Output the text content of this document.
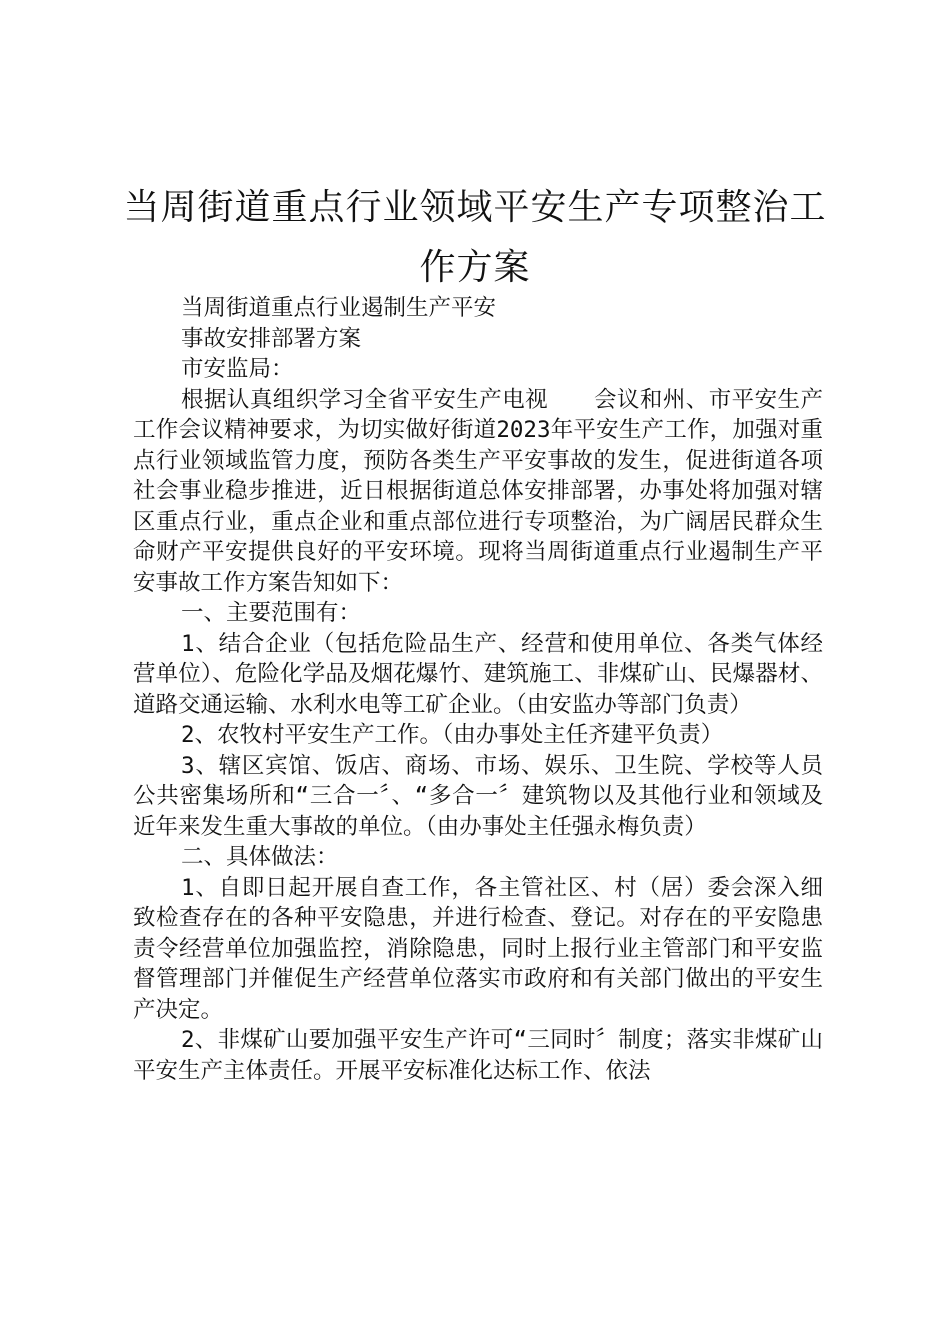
当周街道重点行业领域平安生产专项整治工作方案

当周街道重点行业遏制生产平安

事故安排部署方案

市安监局：

根据认真组织学习全省平安生产电视　　会议和州、市平安生产工作会议精神要求，为切实做好街道2023年平安生产工作，加强对重点行业领域监管力度，预防各类生产平安事故的发生，促进街道各项社会事业稳步推进，近日根据街道总体安排部署，办事处将加强对辖区重点行业，重点企业和重点部位进行专项整治，为广阔居民群众生命财产平安提供良好的平安环境。现将当周街道重点行业遏制生产平安事故工作方案告知如下：

一、主要范围有：

1、结合企业（包括危险品生产、经营和使用单位、各类气体经营单位）、危险化学品及烟花爆竹、建筑施工、非煤矿山、民爆器材、道路交通运输、水利水电等工矿企业。（由安监办等部门负责）

2、农牧村平安生产工作。（由办事处主任齐建平负责）

3、辖区宾馆、饭店、商场、市场、娱乐、卫生院、学校等人员公共密集场所和“三合一〞、“多合一〞建筑物以及其他行业和领域及近年来发生重大事故的单位。（由办事处主任强永梅负责）

二、具体做法：

1、自即日起开展自查工作，各主管社区、村（居）委会深入细致检查存在的各种平安隐患，并进行检查、登记。对存在的平安隐患责令经营单位加强监控，消除隐患，同时上报行业主管部门和平安监督管理部门并催促生产经营单位落实市政府和有关部门做出的平安生产决定。

2、非煤矿山要加强平安生产许可“三同时〞制度；落实非煤矿山平安生产主体责任。开展平安标准化达标工作、依法
